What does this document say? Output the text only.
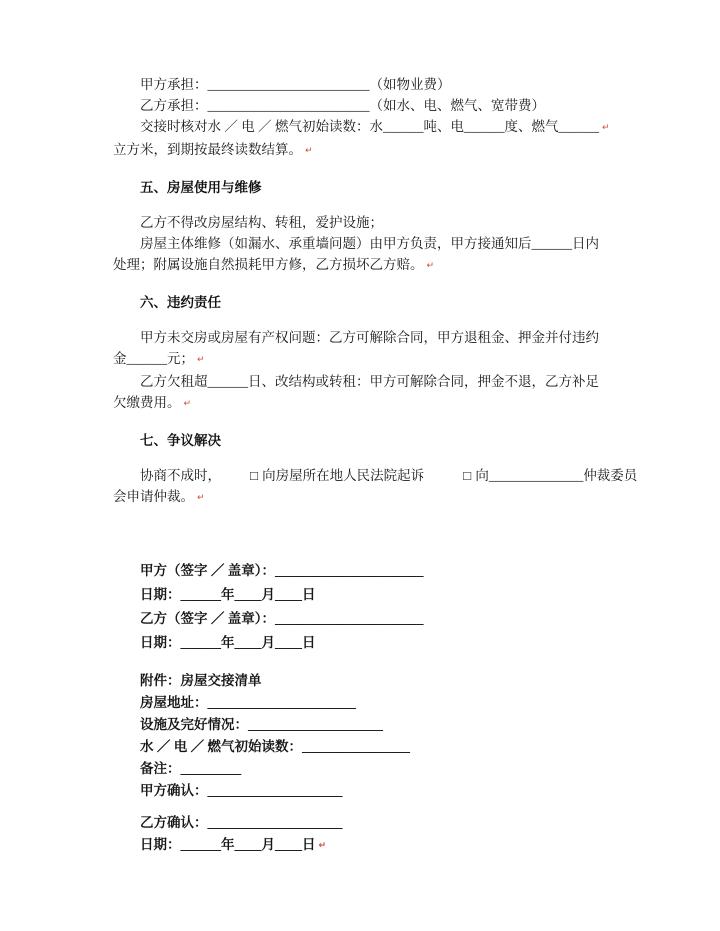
甲方承担：________________________（如物业费）

乙方承担：________________________（如水、电、燃气、宽带费）

交接时核对水 ／ 电 ／ 燃气初始读数：水______吨、电______度、燃气______ ↵

立方米，到期按最终读数结算。 ↵

五、房屋使用与维修

乙方不得改房屋结构、转租，爱护设施；

房屋主体维修（如漏水、承重墙问题）由甲方负责，甲方接通知后______日内

处理；附属设施自然损耗甲方修，乙方损坏乙方赔。 ↵

六、违约责任

甲方未交房或房屋有产权问题：乙方可解除合同，甲方退租金、押金并付违约

金______元； ↵

乙方欠租超______日、改结构或转租：甲方可解除合同，押金不退，乙方补足

欠缴费用。 ↵

七、争议解决

协商不成时， □ 向房屋所在地人民法院起诉	□ 向______________仲裁委员

会申请仲裁。 ↵

甲方（签字 ／ 盖章）：______________________

日期：______年____月____日

乙方（签字 ／ 盖章）：______________________

日期：______年____月____日

附件：房屋交接清单

房屋地址：______________________

设施及完好情况：____________________

水 ／ 电 ／ 燃气初始读数：________________

备注：_________

甲方确认：____________________

乙方确认：____________________

日期：______年____月____日 ↵
